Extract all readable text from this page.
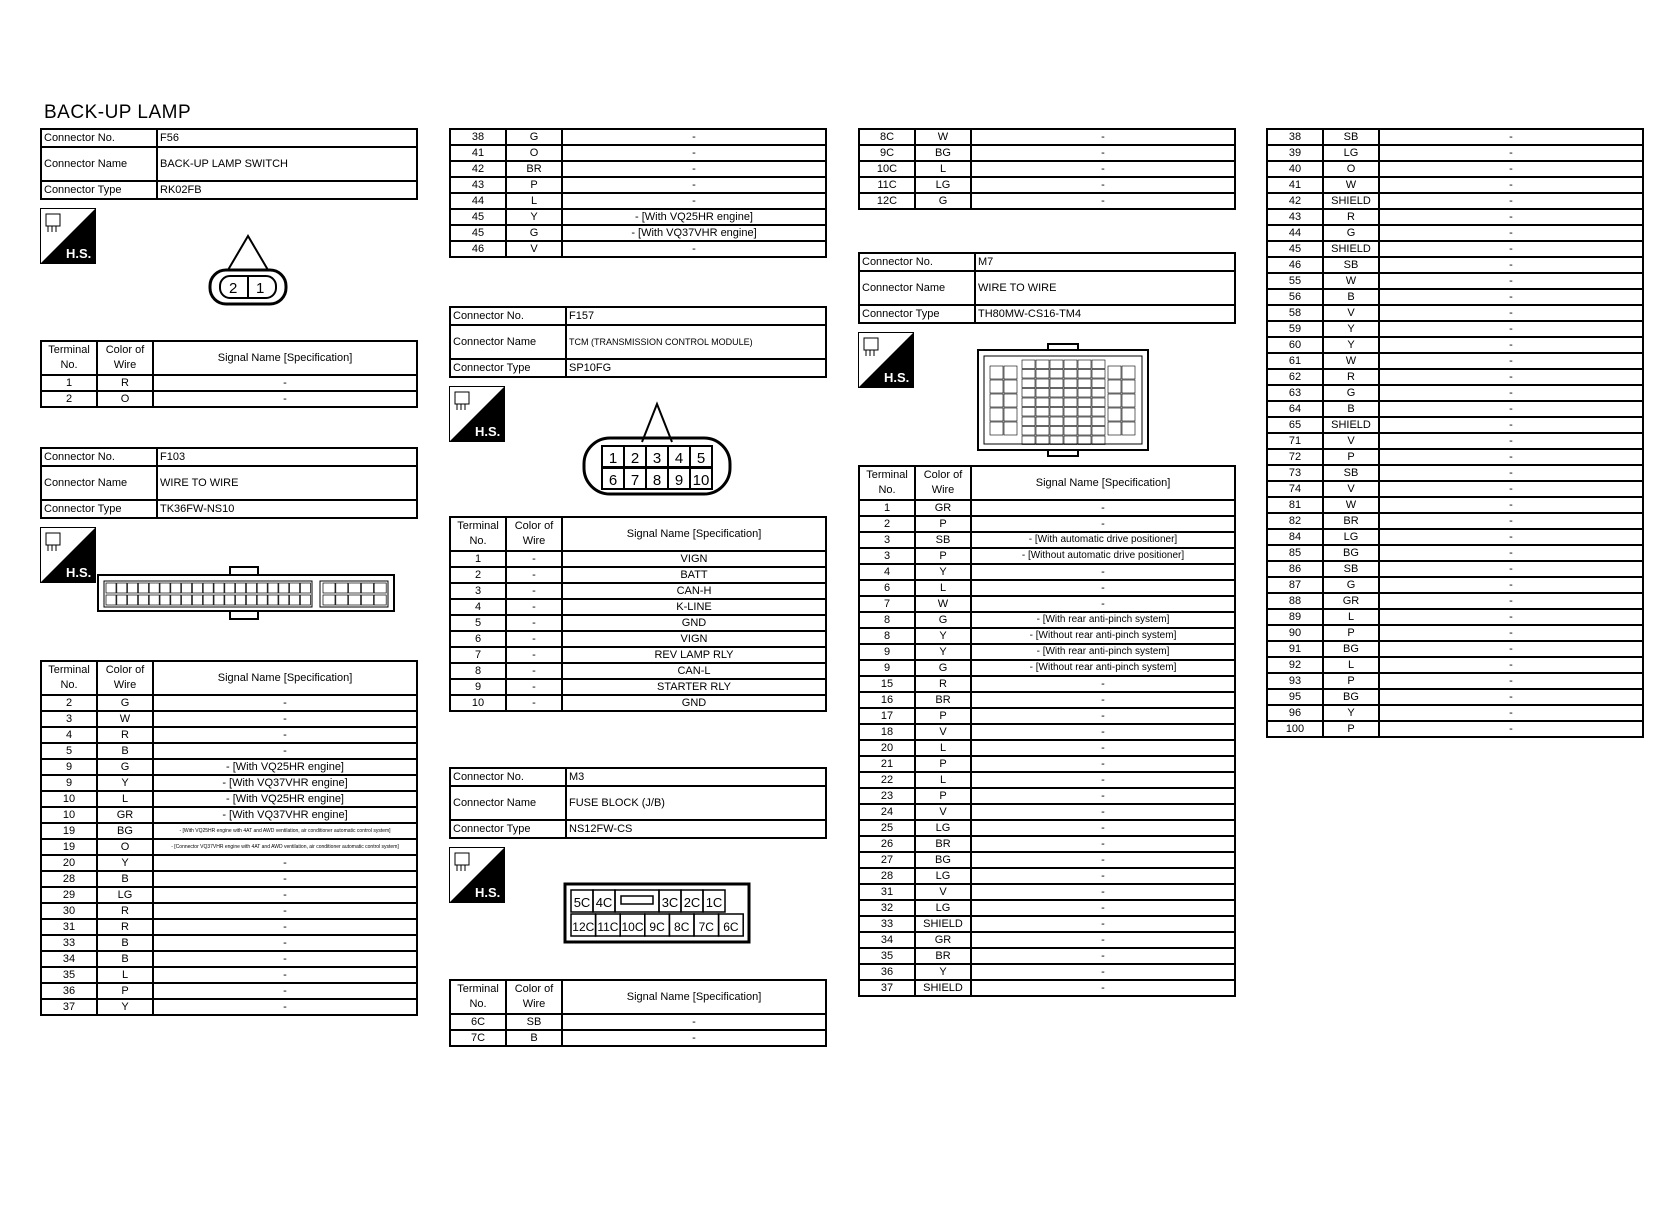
BACK-UP LAMP
Connector No.	F56
Connector Name	BACK-UP LAMP SWITCH
Connector Type	RK02FB
H.S.
2 1
Terminal No.	Color of Wire	Signal Name [Specification]
1	R	-
2	O	-
Connector No.	F103
Connector Name	WIRE TO WIRE
Connector Type	TK36FW-NS10
H.S.
Terminal No.	Color of Wire	Signal Name [Specification]
2	G	-
3	W	-
4	R	-
5	B	-
9	G	- [With VQ25HR engine]
9	Y	- [With VQ37VHR engine]
10	L	- [With VQ25HR engine]
10	GR	- [With VQ37VHR engine]
19	BG	- [With VQ25HR engine with 4AT and AWD ventilation, air conditioner automatic control system]
19	O	- [Connector VQ37VHR engine with 4AT and AWD ventilation, air conditioner automatic control system]
20	Y	-
28	B	-
29	LG	-
30	R	-
31	R	-
33	B	-
34	B	-
35	L	-
36	P	-
37	Y	-
38	G	-
41	O	-
42	BR	-
43	P	-
44	L	-
45	Y	- [With VQ25HR engine]
45	G	- [With VQ37VHR engine]
46	V	-
Connector No.	F157
Connector Name	TCM (TRANSMISSION CONTROL MODULE)
Connector Type	SP10FG
H.S.
1 2 3 4 5
6 7 8 9 10
Terminal No.	Color of Wire	Signal Name [Specification]
1	-	VIGN
2	-	BATT
3	-	CAN-H
4	-	K-LINE
5	-	GND
6	-	VIGN
7	-	REV LAMP RLY
8	-	CAN-L
9	-	STARTER RLY
10	-	GND
Connector No.	M3
Connector Name	FUSE BLOCK (J/B)
Connector Type	NS12FW-CS
H.S.
5C 4C	3C 2C 1C
12C 11C 10C 9C 8C 7C 6C
Terminal No.	Color of Wire	Signal Name [Specification]
6C	SB	-
7C	B	-
8C	W	-
9C	BG	-
10C	L	-
11C	LG	-
12C	G	-
Connector No.	M7
Connector Name	WIRE TO WIRE
Connector Type	TH80MW-CS16-TM4
H.S.
Terminal No.	Color of Wire	Signal Name [Specification]
1	GR	-
2	P	-
3	SB	- [With automatic drive positioner]
3	P	- [Without automatic drive positioner]
4	Y	-
6	L	-
7	W	-
8	G	- [With rear anti-pinch system]
8	Y	- [Without rear anti-pinch system]
9	Y	- [With rear anti-pinch system]
9	G	- [Without rear anti-pinch system]
15	R	-
16	BR	-
17	P	-
18	V	-
20	L	-
21	P	-
22	L	-
23	P	-
24	V	-
25	LG	-
26	BR	-
27	BG	-
28	LG	-
31	V	-
32	LG	-
33	SHIELD	-
34	GR	-
35	BR	-
36	Y	-
37	SHIELD	-
38	SB	-
39	LG	-
40	O	-
41	W	-
42	SHIELD	-
43	R	-
44	G	-
45	SHIELD	-
46	SB	-
55	W	-
56	B	-
58	V	-
59	Y	-
60	Y	-
61	W	-
62	R	-
63	G	-
64	B	-
65	SHIELD	-
71	V	-
72	P	-
73	SB	-
74	V	-
81	W	-
82	BR	-
84	LG	-
85	BG	-
86	SB	-
87	G	-
88	GR	-
89	L	-
90	P	-
91	BG	-
92	L	-
93	P	-
95	BG	-
96	Y	-
100	P	-
